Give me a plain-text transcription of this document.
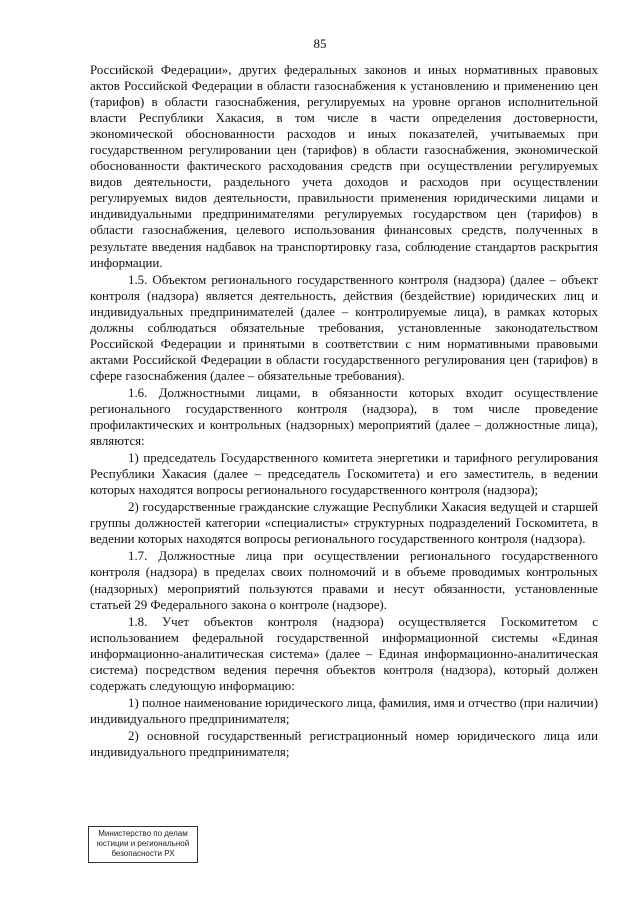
85

Российской Федерации», других федеральных законов и иных нормативных правовых актов Российской Федерации в области газоснабжения к установлению и применению цен (тарифов) в области газоснабжения, регулируемых на уровне органов исполнительной власти Республики Хакасия, в том числе в части определения достоверности, экономической обоснованности расходов и иных показателей, учитываемых при государственном регулировании цен (тарифов) в области газоснабжения, экономической обоснованности фактического расходования средств при осуществлении регулируемых видов деятельности, раздельного учета доходов и расходов при осуществлении регулируемых видов деятельности, правильности применения юридическими лицами и индивидуальными предпринимателями регулируемых государством цен (тарифов) в области газоснабжения, целевого использования финансовых средств, полученных в результате введения надбавок на транспортировку газа, соблюдение стандартов раскрытия информации.

1.5. Объектом регионального государственного контроля (надзора) (далее – объект контроля (надзора) является деятельность, действия (бездействие) юридических лиц и индивидуальных предпринимателей (далее – контролируемые лица), в рамках которых должны соблюдаться обязательные требования, установленные законодательством Российской Федерации и принятыми в соответствии с ним нормативными правовыми актами Российской Федерации в области государственного регулирования цен (тарифов) в сфере газоснабжения (далее – обязательные требования).

1.6. Должностными лицами, в обязанности которых входит осуществление регионального государственного контроля (надзора), в том числе проведение профилактических и контрольных (надзорных) мероприятий (далее – должностные лица), являются:

1) председатель Государственного комитета энергетики и тарифного регулирования Республики Хакасия (далее – председатель Госкомитета) и его заместитель, в ведении которых находятся вопросы регионального государственного контроля (надзора);

2) государственные гражданские служащие Республики Хакасия ведущей и старшей группы должностей категории «специалисты» структурных подразделений Госкомитета, в ведении которых находятся вопросы регионального государственного контроля (надзора).

1.7. Должностные лица при осуществлении регионального государственного контроля (надзора) в пределах своих полномочий и в объеме проводимых контрольных (надзорных) мероприятий пользуются правами и несут обязанности, установленные статьей 29 Федерального закона о контроле (надзоре).

1.8. Учет объектов контроля (надзора) осуществляется Госкомитетом с использованием федеральной государственной информационной системы «Единая информационно-аналитическая система» (далее – Единая информационно-аналитическая система) посредством ведения перечня объектов контроля (надзора), который должен содержать следующую информацию:

1) полное наименование юридического лица, фамилия, имя и отчество (при наличии) индивидуального предпринимателя;

2) основной государственный регистрационный номер юридического лица или индивидуального предпринимателя;

Министерство по делам
юстиции и региональной
безопасности РХ
